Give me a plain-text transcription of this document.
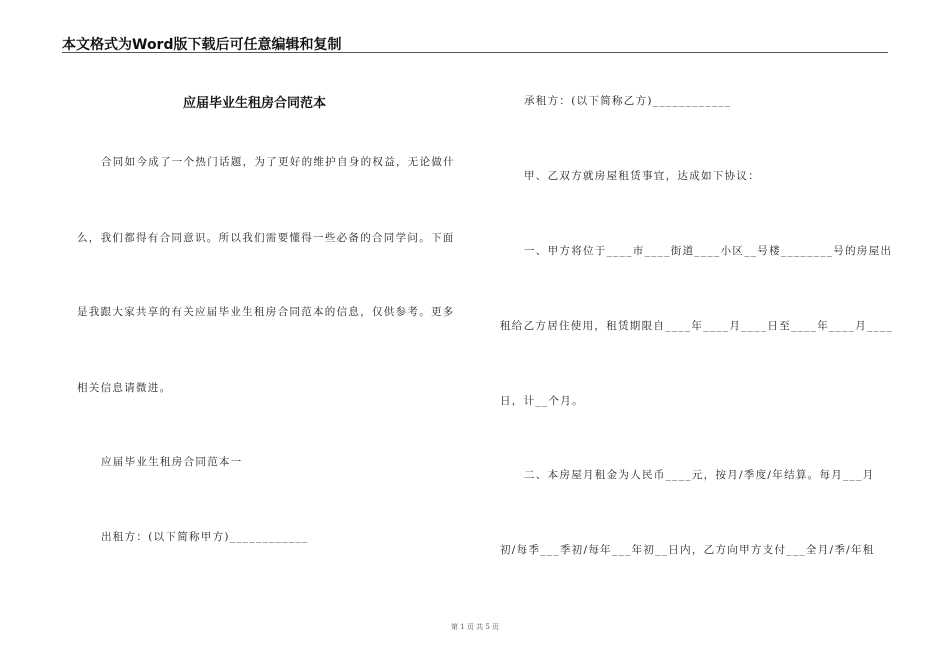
本文格式为Word版下载后可任意编辑和复制
应届毕业生租房合同范本
合同如今成了一个热门话题，为了更好的维护自身的权益，无论做什
么，我们都得有合同意识。所以我们需要懂得一些必备的合同学问。下面
是我跟大家共享的有关应届毕业生租房合同范本的信息，仅供参考。更多
相关信息请微进。
应届毕业生租房合同范本一
出租方：(以下简称甲方)____________
承租方：(以下简称乙方)____________
甲、乙双方就房屋租赁事宜，达成如下协议：
一、甲方将位于____市____街道____小区__号楼________号的房屋出
租给乙方居住使用，租赁期限自____年____月____日至____年____月____
日，计__个月。
二、本房屋月租金为人民币____元，按月/季度/年结算。每月___月
初/每季___季初/每年___年初__日内，乙方向甲方支付___全月/季/年租
第 1 页 共 5 页
